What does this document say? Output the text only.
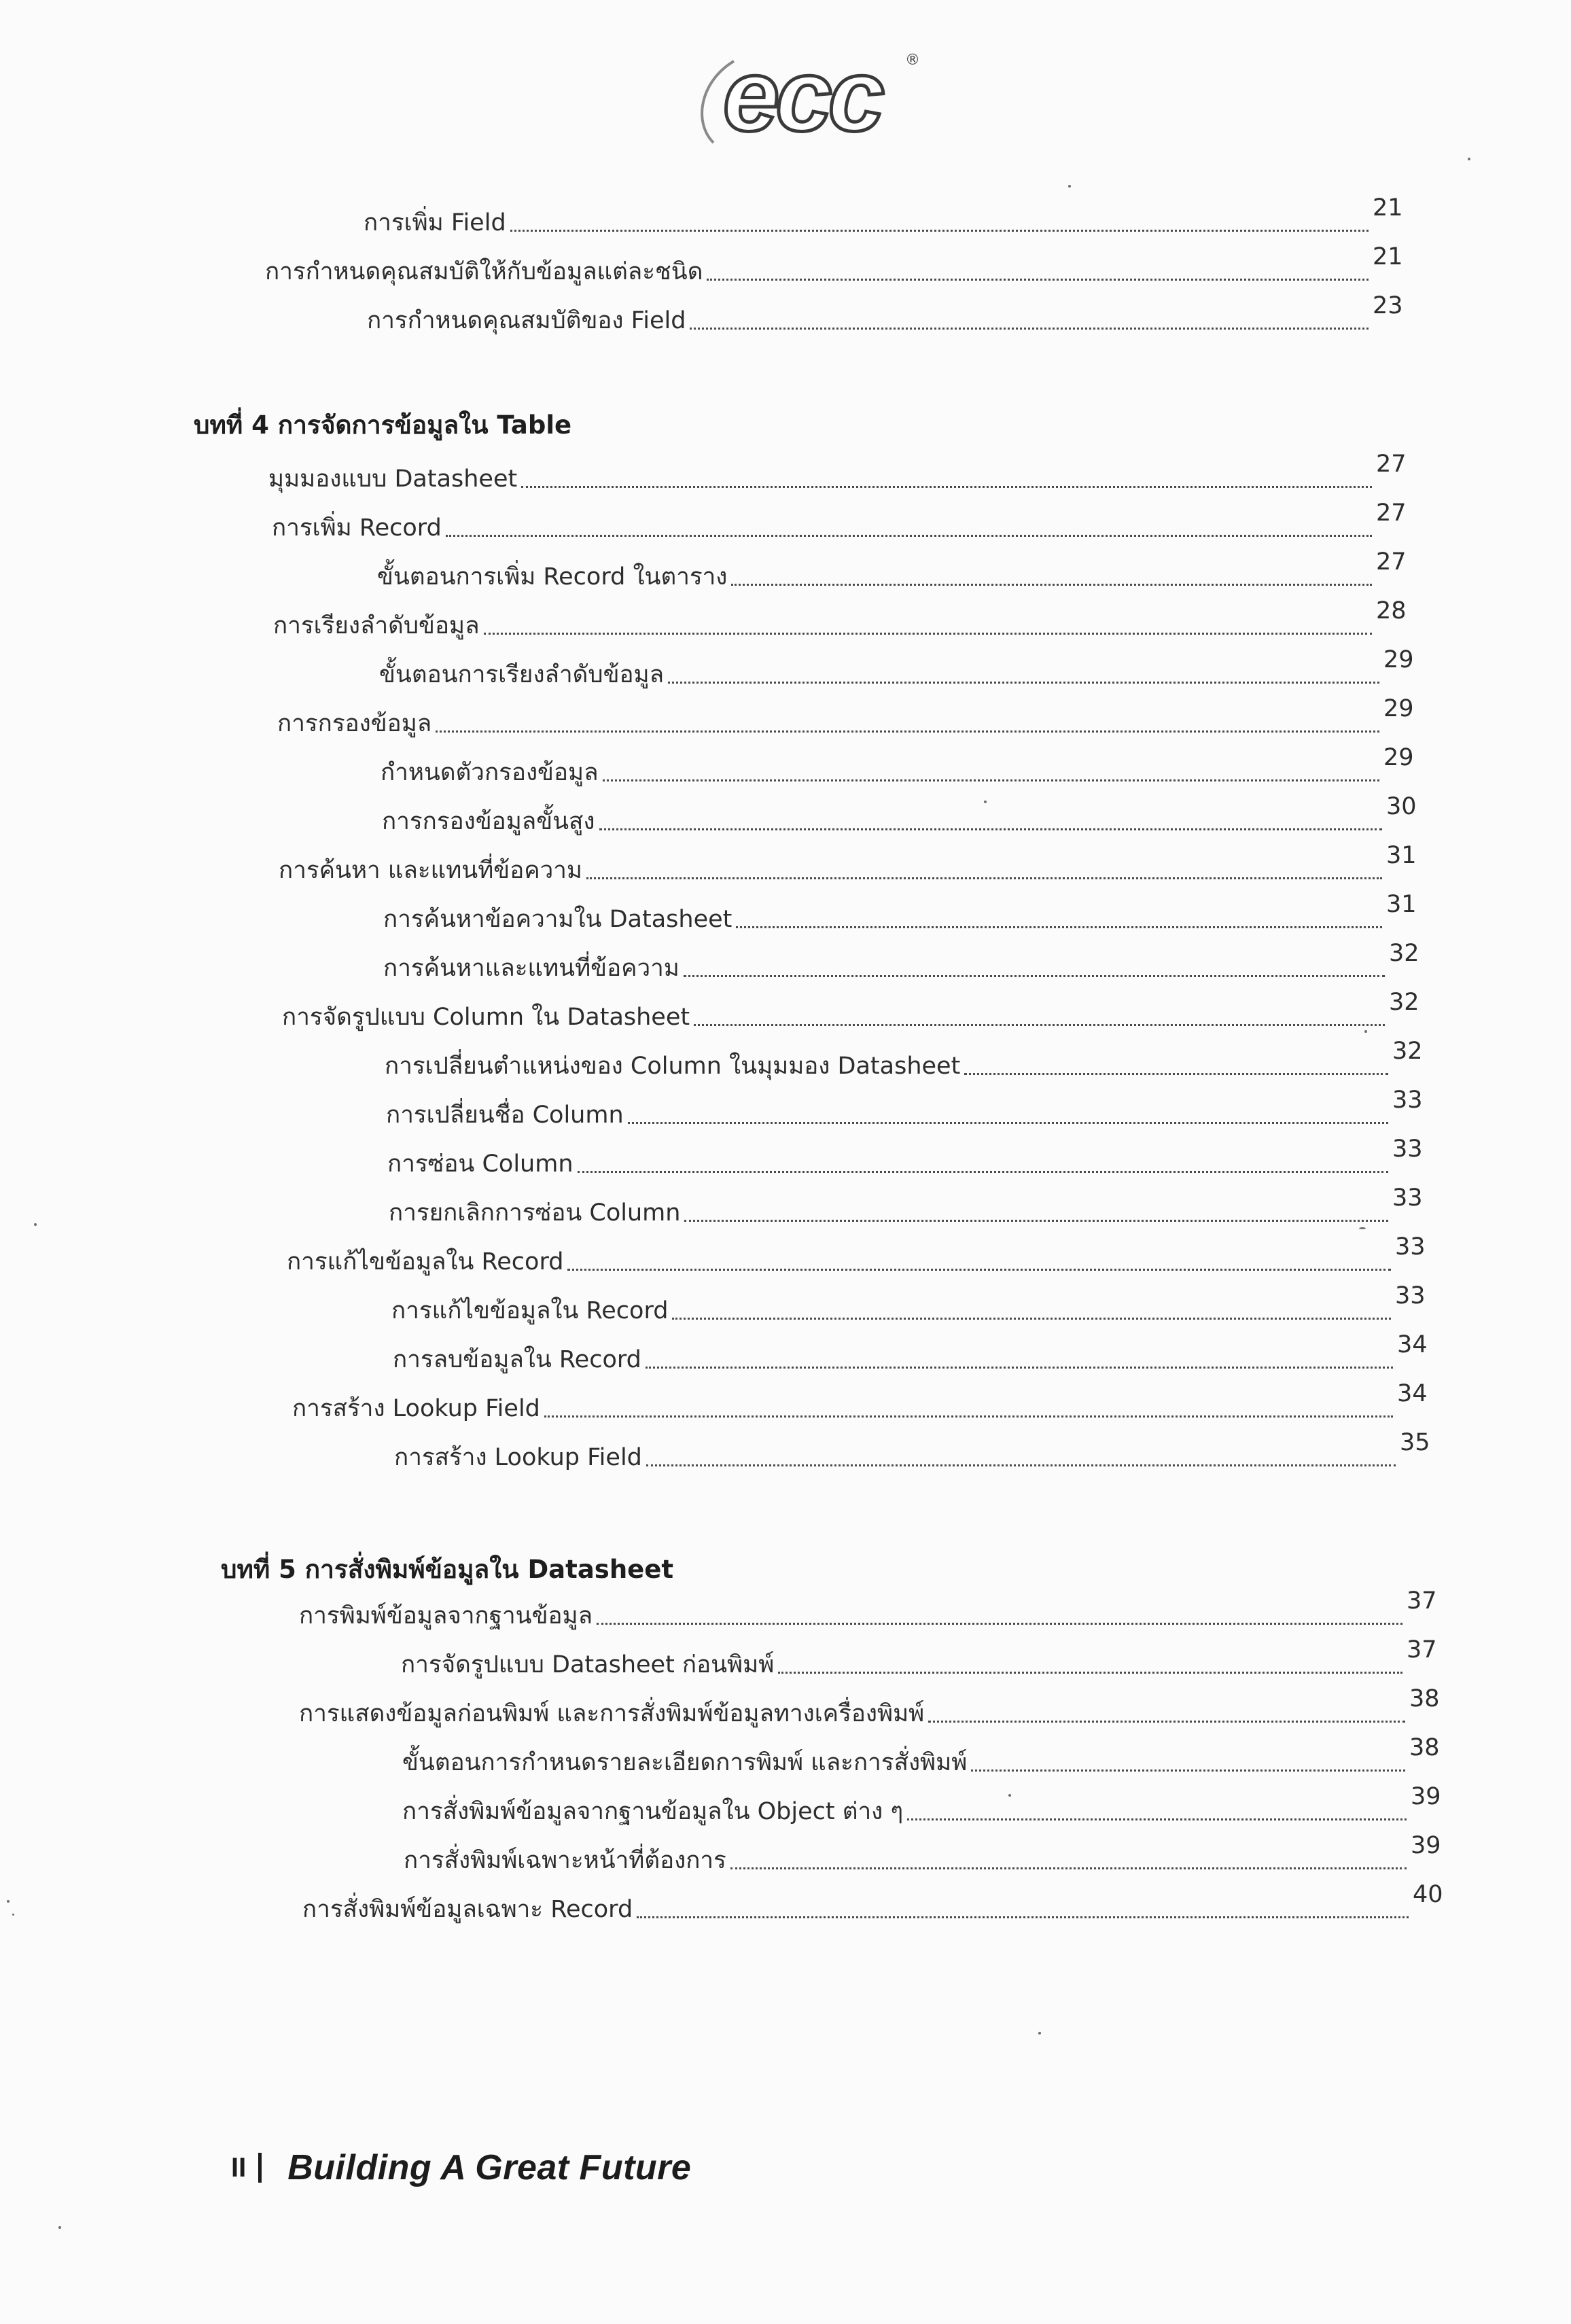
ecc	®
การเพิ่ม Field
21
การกำหนดคุณสมบัติให้กับข้อมูลแต่ละชนิด
21
การกำหนดคุณสมบัติของ Field
23
บทที่ 4 การจัดการข้อมูลใน Table
มุมมองแบบ Datasheet
27
การเพิ่ม Record
27
ขั้นตอนการเพิ่ม Record ในตาราง
27
การเรียงลำดับข้อมูล
28
ขั้นตอนการเรียงลำดับข้อมูล
29
การกรองข้อมูล
29
กำหนดตัวกรองข้อมูล
29
การกรองข้อมูลขั้นสูง
30
การค้นหา และแทนที่ข้อความ
31
การค้นหาข้อความใน Datasheet
31
การค้นหาและแทนที่ข้อความ
32
การจัดรูปแบบ Column ใน Datasheet
32
การเปลี่ยนตำแหน่งของ Column ในมุมมอง Datasheet
32
การเปลี่ยนชื่อ Column
33
การซ่อน Column
33
การยกเลิกการซ่อน Column
33
การแก้ไขข้อมูลใน Record
33
การแก้ไขข้อมูลใน Record
33
การลบข้อมูลใน Record
34
การสร้าง Lookup Field
34
การสร้าง Lookup Field
35
บทที่ 5 การสั่งพิมพ์ข้อมูลใน Datasheet
การพิมพ์ข้อมูลจากฐานข้อมูล
37
การจัดรูปแบบ Datasheet ก่อนพิมพ์
37
การแสดงข้อมูลก่อนพิมพ์ และการสั่งพิมพ์ข้อมูลทางเครื่องพิมพ์
38
ขั้นตอนการกำหนดรายละเอียดการพิมพ์ และการสั่งพิมพ์
38
การสั่งพิมพ์ข้อมูลจากฐานข้อมูลใน Object ต่าง ๆ
39
การสั่งพิมพ์เฉพาะหน้าที่ต้องการ
39
การสั่งพิมพ์ข้อมูลเฉพาะ Record
40
II Building A Great Future
